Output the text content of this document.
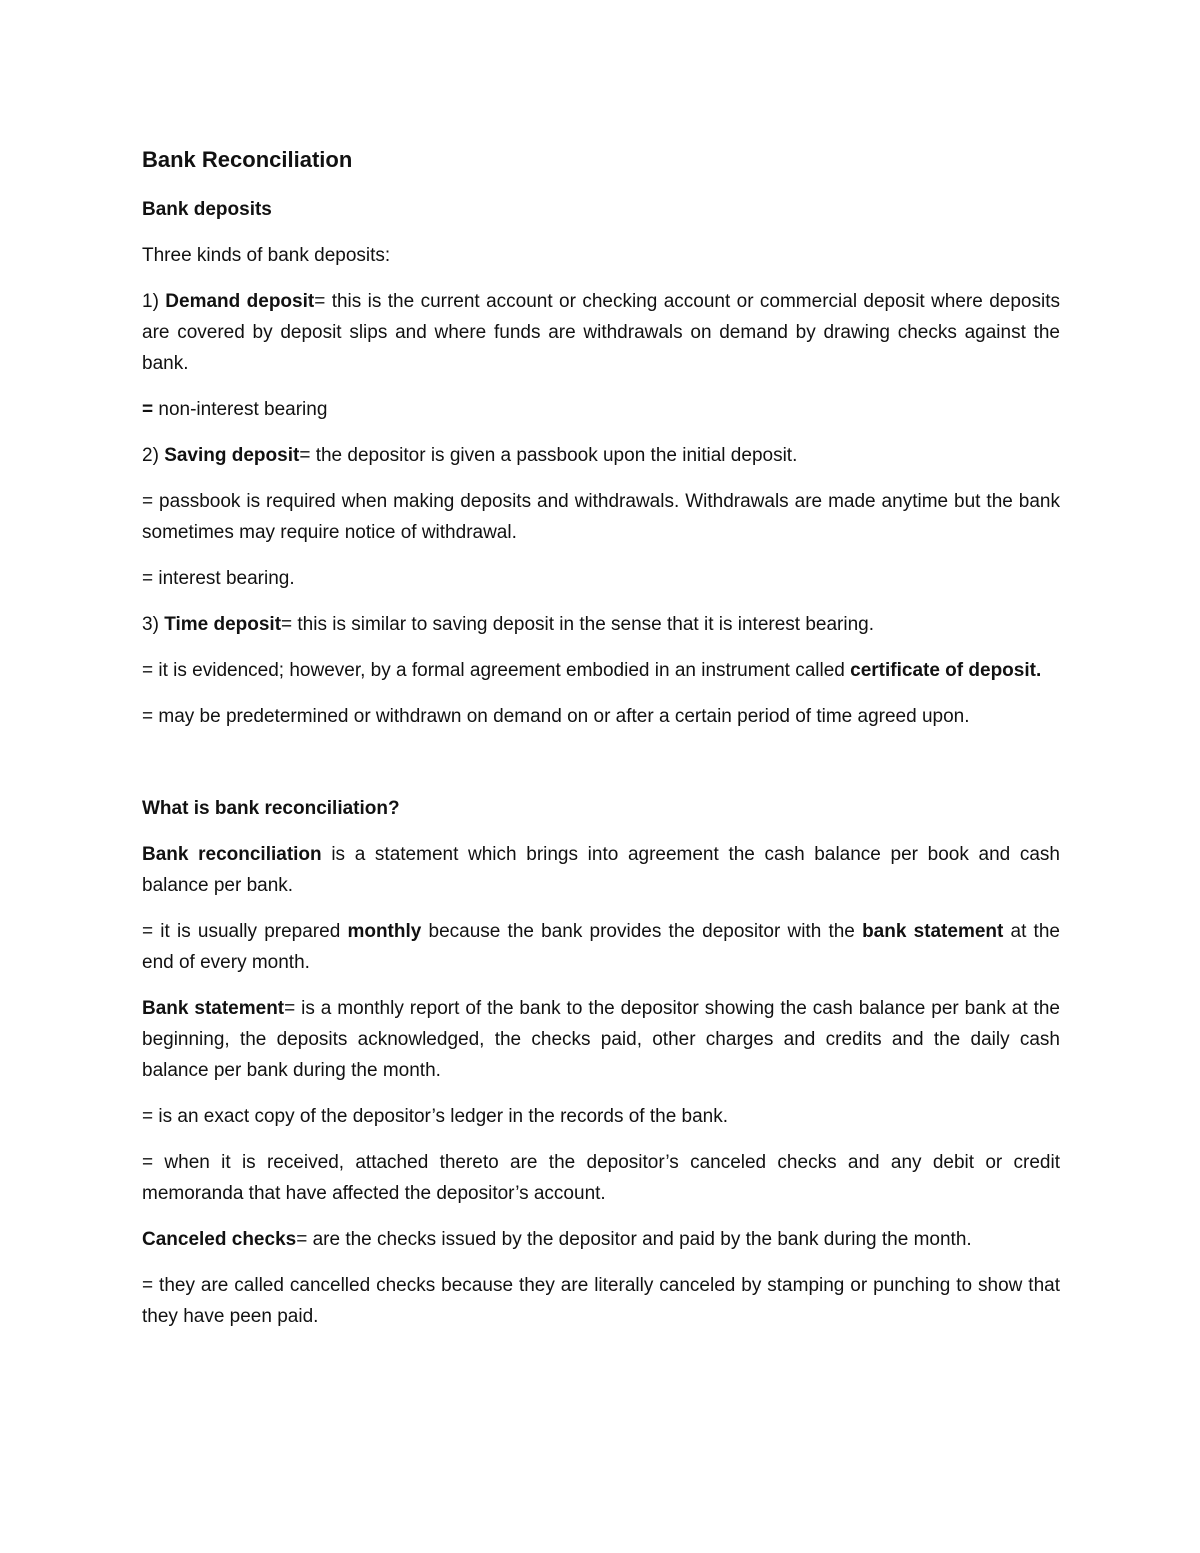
Bank Reconciliation

Bank deposits

Three kinds of bank deposits:

1) Demand deposit= this is the current account or checking account or commercial deposit where deposits are covered by deposit slips and where funds are withdrawals on demand by drawing checks against the bank.

= non-interest bearing

2) Saving deposit= the depositor is given a passbook upon the initial deposit.

= passbook is required when making deposits and withdrawals. Withdrawals are made anytime but the bank sometimes may require notice of withdrawal.

= interest bearing.

3) Time deposit= this is similar to saving deposit in the sense that it is interest bearing.

= it is evidenced; however, by a formal agreement embodied in an instrument called certificate of deposit.

= may be predetermined or withdrawn on demand on or after a certain period of time agreed upon.

What is bank reconciliation?

Bank reconciliation is a statement which brings into agreement the cash balance per book and cash balance per bank.

= it is usually prepared monthly because the bank provides the depositor with the bank statement at the end of every month.

Bank statement= is a monthly report of the bank to the depositor showing the cash balance per bank at the beginning, the deposits acknowledged, the checks paid, other charges and credits and the daily cash balance per bank during the month.

= is an exact copy of the depositor’s ledger in the records of the bank.

= when it is received, attached thereto are the depositor’s canceled checks and any debit or credit memoranda that have affected the depositor’s account.

Canceled checks= are the checks issued by the depositor and paid by the bank during the month.

= they are called cancelled checks because they are literally canceled by stamping or punching to show that they have peen paid.
